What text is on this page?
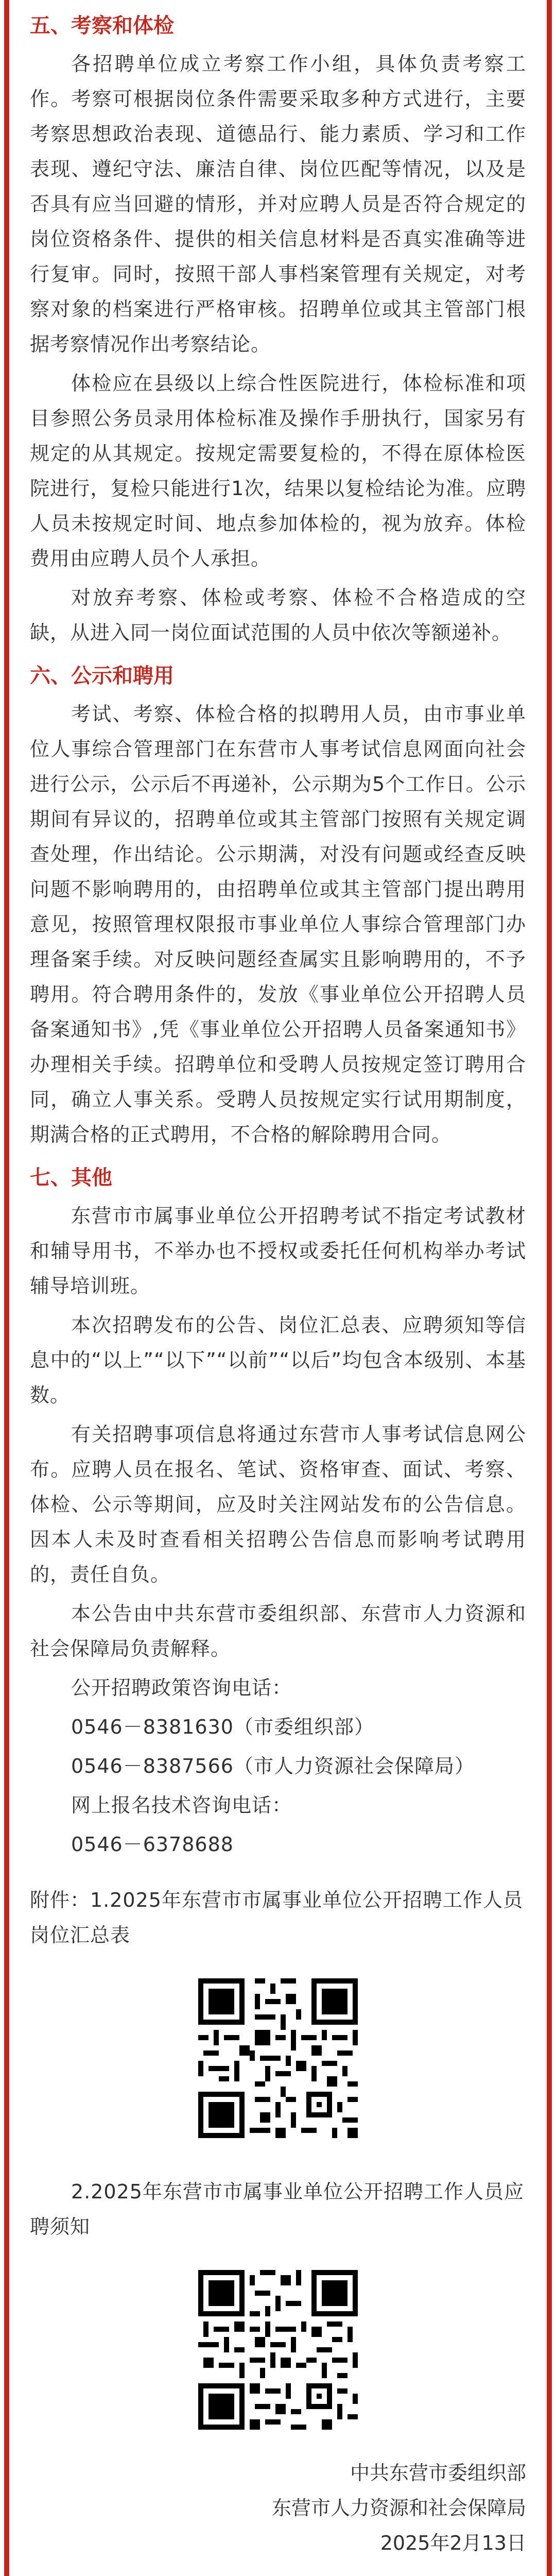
五、考察和体检

各招聘单位成立考察工作小组，具体负责考察工作。考察可根据岗位条件需要采取多种方式进行，主要考察思想政治表现、道德品行、能力素质、学习和工作表现、遵纪守法、廉洁自律、岗位匹配等情况，以及是否具有应当回避的情形，并对应聘人员是否符合规定的岗位资格条件、提供的相关信息材料是否真实准确等进行复审。同时，按照干部人事档案管理有关规定，对考察对象的档案进行严格审核。招聘单位或其主管部门根据考察情况作出考察结论。

体检应在县级以上综合性医院进行，体检标准和项目参照公务员录用体检标准及操作手册执行，国家另有规定的从其规定。按规定需要复检的，不得在原体检医院进行，复检只能进行1次，结果以复检结论为准。应聘人员未按规定时间、地点参加体检的，视为放弃。体检费用由应聘人员个人承担。

对放弃考察、体检或考察、体检不合格造成的空缺，从进入同一岗位面试范围的人员中依次等额递补。

六、公示和聘用

考试、考察、体检合格的拟聘用人员，由市事业单位人事综合管理部门在东营市人事考试信息网面向社会进行公示，公示后不再递补，公示期为5个工作日。公示期间有异议的，招聘单位或其主管部门按照有关规定调查处理，作出结论。公示期满，对没有问题或经查反映问题不影响聘用的，由招聘单位或其主管部门提出聘用意见，按照管理权限报市事业单位人事综合管理部门办理备案手续。对反映问题经查属实且影响聘用的，不予聘用。符合聘用条件的，发放《事业单位公开招聘人员备案通知书》,凭《事业单位公开招聘人员备案通知书》办理相关手续。招聘单位和受聘人员按规定签订聘用合同，确立人事关系。受聘人员按规定实行试用期制度，期满合格的正式聘用，不合格的解除聘用合同。

七、其他

东营市市属事业单位公开招聘考试不指定考试教材和辅导用书，不举办也不授权或委托任何机构举办考试辅导培训班。

本次招聘发布的公告、岗位汇总表、应聘须知等信息中的“以上”“以下”“以前”“以后”均包含本级别、本基数。

有关招聘事项信息将通过东营市人事考试信息网公布。应聘人员在报名、笔试、资格审查、面试、考察、体检、公示等期间，应及时关注网站发布的公告信息。因本人未及时查看相关招聘公告信息而影响考试聘用的，责任自负。

本公告由中共东营市委组织部、东营市人力资源和社会保障局负责解释。

公开招聘政策咨询电话：

0546－8381630（市委组织部）

0546－8387566（市人力资源社会保障局）

网上报名技术咨询电话：

0546－6378688

附件：1.2025年东营市市属事业单位公开招聘工作人员岗位汇总表

2.2025年东营市市属事业单位公开招聘工作人员应聘须知

中共东营市委组织部

东营市人力资源和社会保障局

2025年2月13日
